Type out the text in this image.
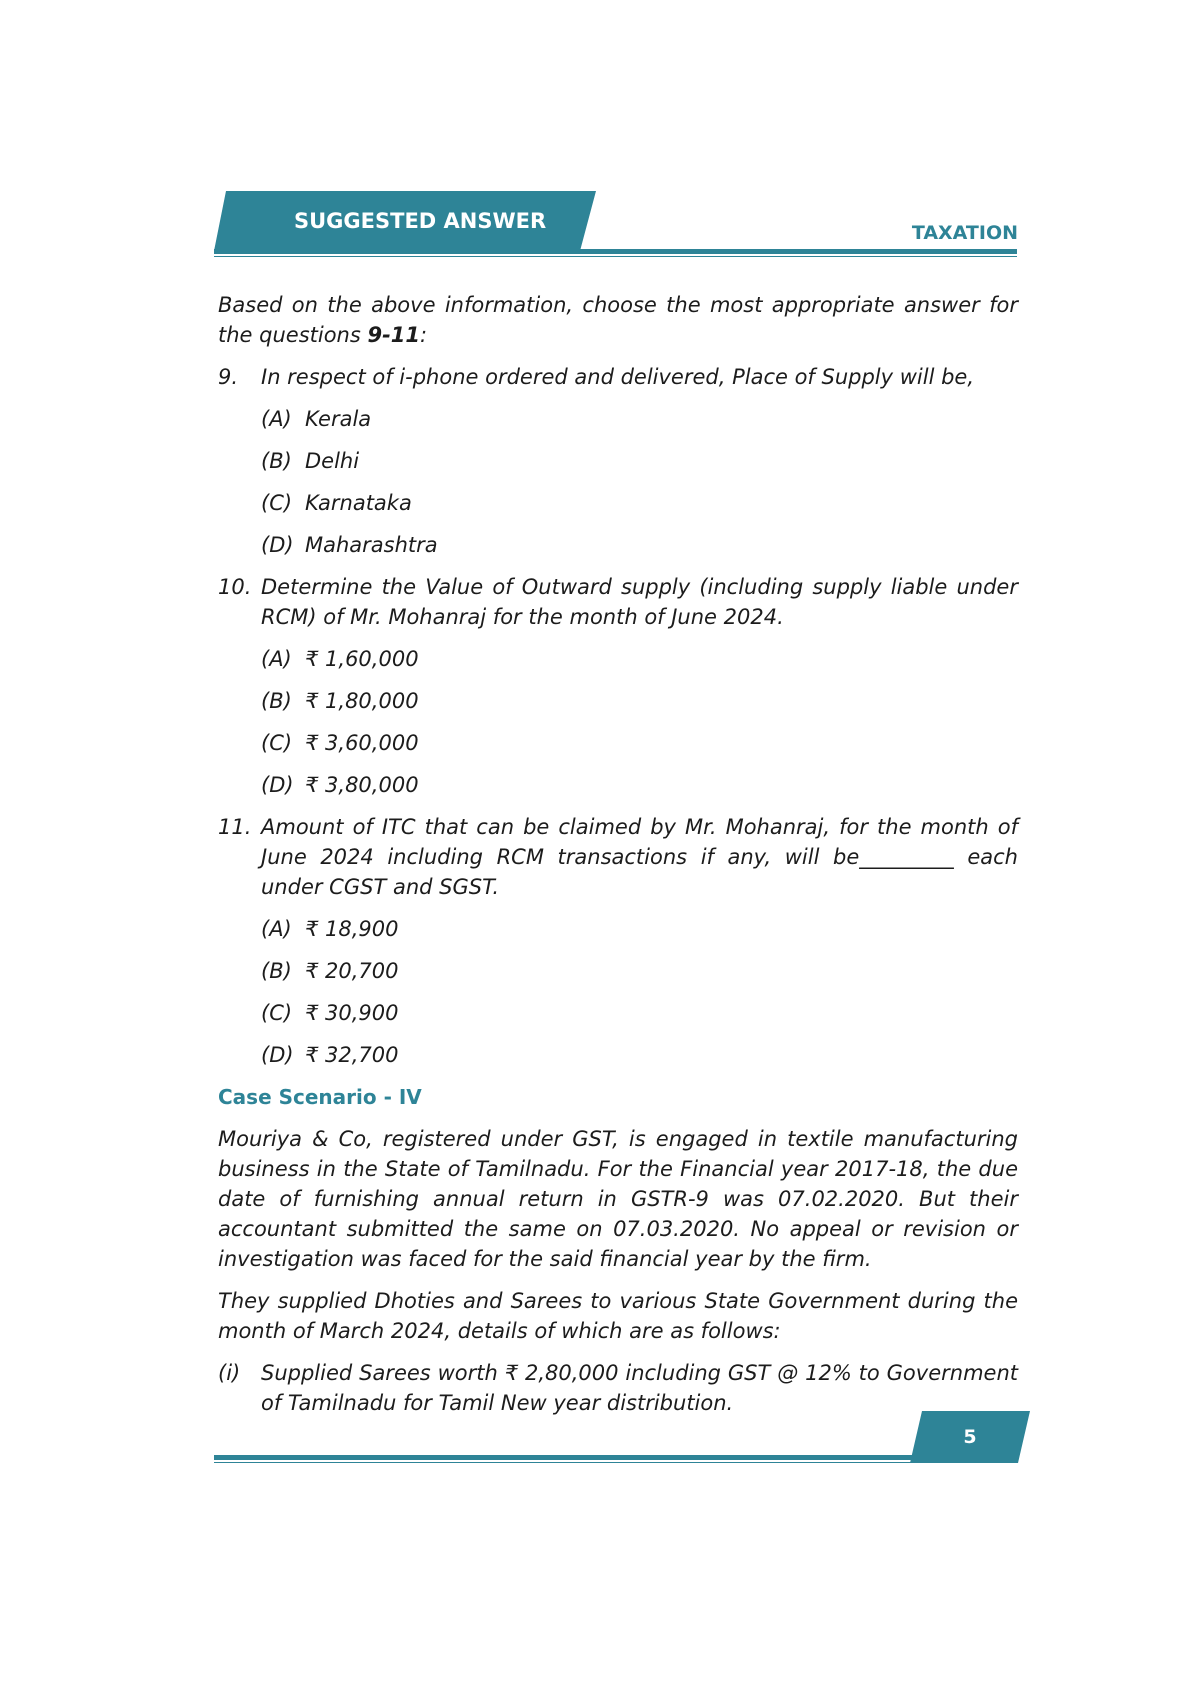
SUGGESTED ANSWER	TAXATION

Based on the above information, choose the most appropriate answer for the questions 9-11:

9.	In respect of i-phone ordered and delivered, Place of Supply will be,
(A) Kerala
(B) Delhi
(C) Karnataka
(D) Maharashtra
10. Determine the Value of Outward supply (including supply liable under RCM) of Mr. Mohanraj for the month of June 2024.
(A) ₹ 1,60,000
(B) ₹ 1,80,000
(C) ₹ 3,60,000
(D) ₹ 3,80,000
11. Amount of ITC that can be claimed by Mr. Mohanraj, for the month of June 2024 including RCM transactions if any, will be_________ each under CGST and SGST.
(A) ₹ 18,900
(B) ₹ 20,700
(C) ₹ 30,900
(D) ₹ 32,700
Case Scenario - IV

Mouriya & Co, registered under GST, is engaged in textile manufacturing business in the State of Tamilnadu. For the Financial year 2017-18, the due date of furnishing annual return in GSTR-9 was 07.02.2020. But their accountant submitted the same on 07.03.2020. No appeal or revision or investigation was faced for the said financial year by the firm.

They supplied Dhoties and Sarees to various State Government during the month of March 2024, details of which are as follows:

(i) Supplied Sarees worth ₹ 2,80,000 including GST @ 12% to Government of Tamilnadu for Tamil New year distribution.
5
